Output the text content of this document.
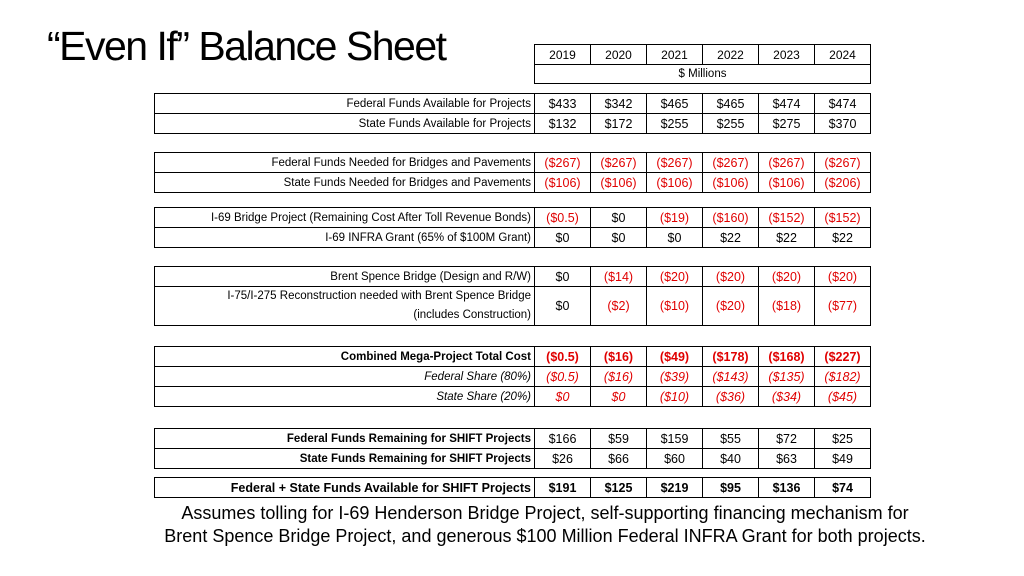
“Even If” Balance Sheet	2019	2020	2021	2022	2023	2024
$ Millions
Federal Funds Available for Projects	$433	$342	$465	$465	$474	$474
State Funds Available for Projects	$132	$172	$255	$255	$275	$370
Federal Funds Needed for Bridges and Pavements	($267)	($267)	($267)	($267)	($267)	($267)
State Funds Needed for Bridges and Pavements	($106)	($106)	($106)	($106)	($106)	($206)
I-69 Bridge Project (Remaining Cost After Toll Revenue Bonds)	($0.5)	$0	($19)	($160)	($152)	($152)
I-69 INFRA Grant (65% of $100M Grant)	$0	$0	$0	$22	$22	$22
Brent Spence Bridge (Design and R/W)	$0	($14)	($20)	($20)	($20)	($20)
I-75/I-275 Reconstruction needed with Brent Spence Bridge
(includes Construction)	$0	($2)	($10)	($20)	($18)	($77)
Combined Mega-Project Total Cost	($0.5)	($16)	($49)	($178)	($168)	($227)
Federal Share (80%)	($0.5)	($16)	($39)	($143)	($135)	($182)
State Share (20%)	$0	$0	($10)	($36)	($34)	($45)
Federal Funds Remaining for SHIFT Projects	$166	$59	$159	$55	$72	$25
State Funds Remaining for SHIFT Projects	$26	$66	$60	$40	$63	$49
Federal + State Funds Available for SHIFT Projects	$191	$125	$219	$95	$136	$74
Assumes tolling for I-69 Henderson Bridge Project, self-supporting financing mechanism for
Brent Spence Bridge Project, and generous $100 Million Federal INFRA Grant for both projects.
